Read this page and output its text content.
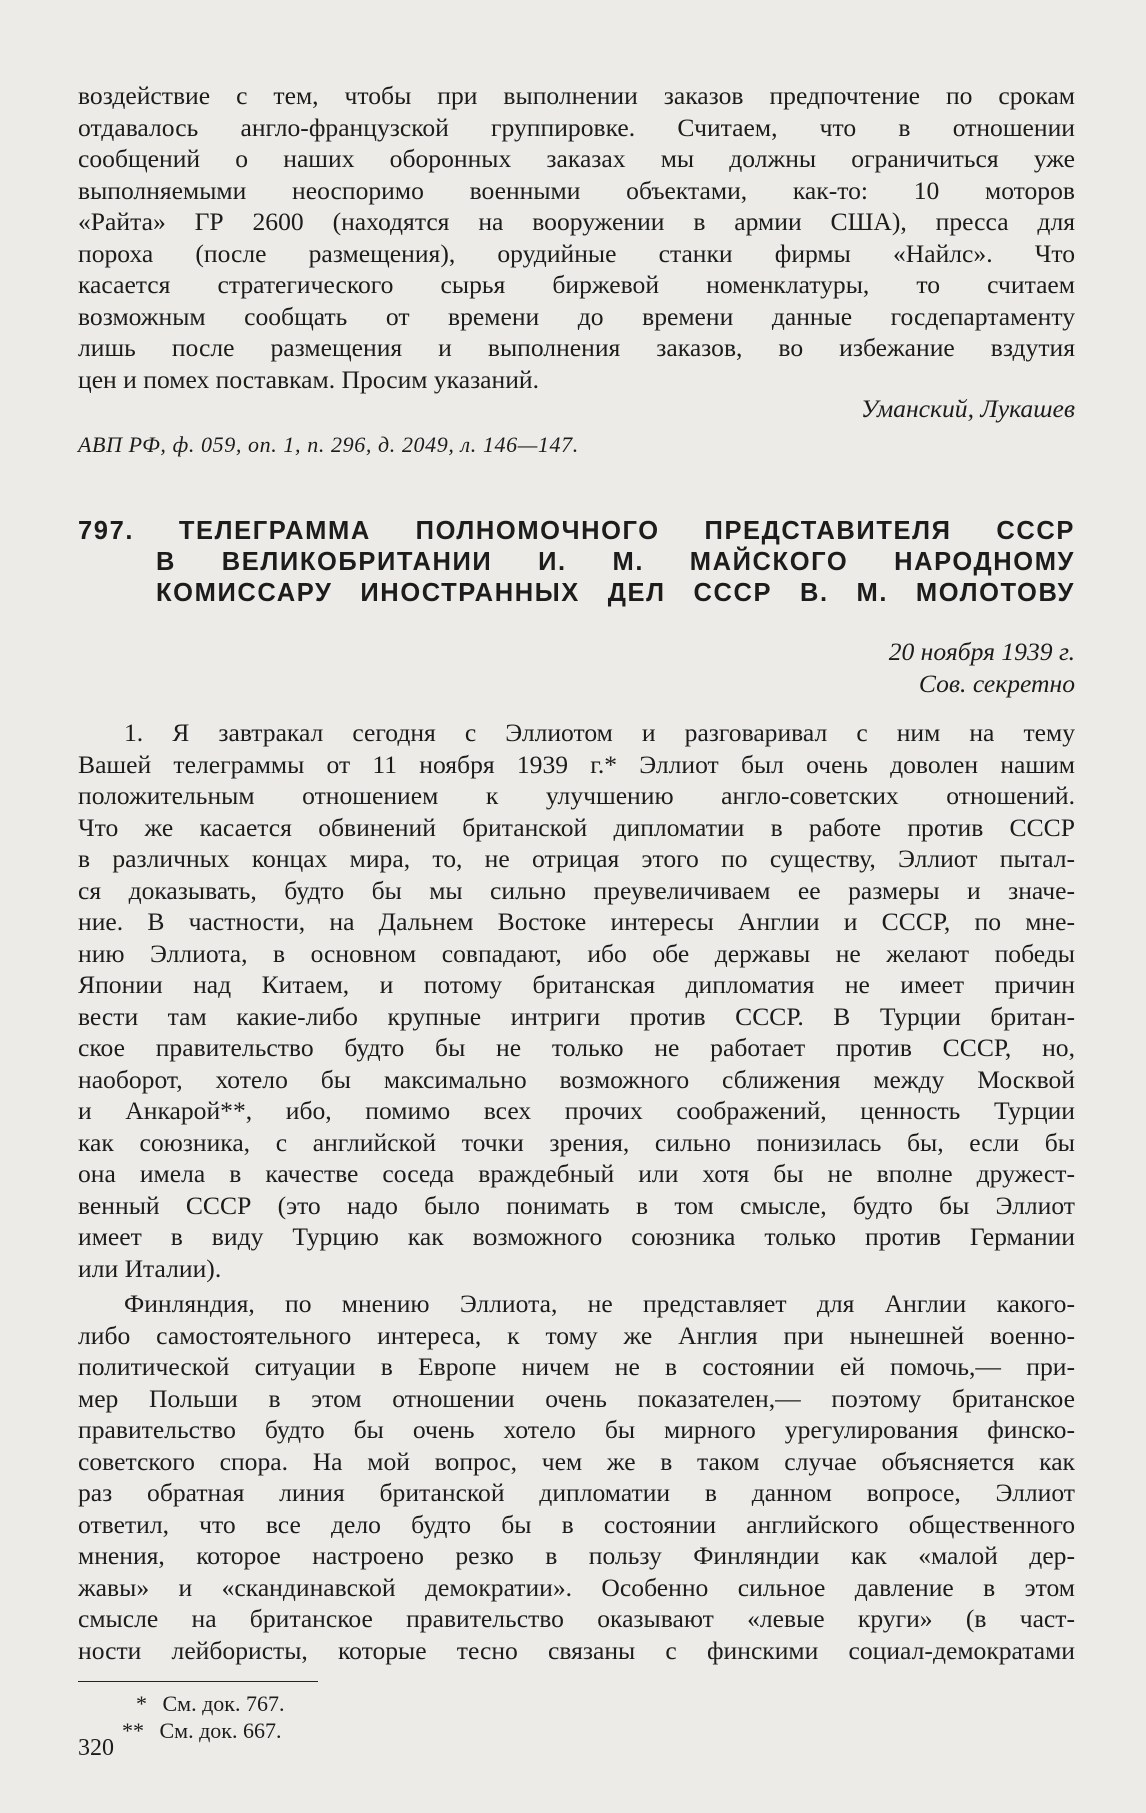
воздействие с тем, чтобы при выполнении заказов предпочтение по срокам
отдавалось англо-французской группировке. Считаем, что в отношении
сообщений о наших оборонных заказах мы должны ограничиться уже
выполняемыми неоспоримо военными объектами, как-то: 10 моторов
«Райта» ГР 2600 (находятся на вооружении в армии США), пресса для
пороха (после размещения), орудийные станки фирмы «Найлс». Что
касается стратегического сырья биржевой номенклатуры, то считаем
возможным сообщать от времени до времени данные госдепартаменту
лишь после размещения и выполнения заказов, во избежание вздутия
цен и помех поставкам. Просим указаний.

Уманский, Лукашев
АВП РФ, ф. 059, оп. 1, п. 296, д. 2049, л. 146—147.
797. ТЕЛЕГРАММА ПОЛНОМОЧНОГО ПРЕДСТАВИТЕЛЯ СССР
В ВЕЛИКОБРИТАНИИ И. М. МАЙСКОГО НАРОДНОМУ
КОМИССАРУ ИНОСТРАННЫХ ДЕЛ СССР В. М. МОЛОТОВУ
20 ноября 1939 г.
Сов. секретно

1. Я завтракал сегодня с Эллиотом и разговаривал с ним на тему
Вашей телеграммы от 11 ноября 1939 г.* Эллиот был очень доволен нашим
положительным отношением к улучшению англо-советских отношений.
Что же касается обвинений британской дипломатии в работе против СССР
в различных концах мира, то, не отрицая этого по существу, Эллиот пытал-
ся доказывать, будто бы мы сильно преувеличиваем ее размеры и значе-
ние. В частности, на Дальнем Востоке интересы Англии и СССР, по мне-
нию Эллиота, в основном совпадают, ибо обе державы не желают победы
Японии над Китаем, и потому британская дипломатия не имеет причин
вести там какие-либо крупные интриги против СССР. В Турции британ-
ское правительство будто бы не только не работает против СССР, но,
наоборот, хотело бы максимально возможного сближения между Москвой
и Анкарой**, ибо, помимо всех прочих соображений, ценность Турции
как союзника, с английской точки зрения, сильно понизилась бы, если бы
она имела в качестве соседа враждебный или хотя бы не вполне дружест-
венный СССР (это надо было понимать в том смысле, будто бы Эллиот
имеет в виду Турцию как возможного союзника только против Германии
или Италии).

Финляндия, по мнению Эллиота, не представляет для Англии какого-
либо самостоятельного интереса, к тому же Англия при нынешней военно-
политической ситуации в Европе ничем не в состоянии ей помочь,— при-
мер Польши в этом отношении очень показателен,— поэтому британское
правительство будто бы очень хотело бы мирного урегулирования финско-
советского спора. На мой вопрос, чем же в таком случае объясняется как
раз обратная линия британской дипломатии в данном вопросе, Эллиот
ответил, что все дело будто бы в состоянии английского общественного
мнения, которое настроено резко в пользу Финляндии как «малой дер-
жавы» и «скандинавской демократии». Особенно сильное давление в этом
смысле на британское правительство оказывают «левые круги» (в част-
ности лейбористы, которые тесно связаны с финскими социал-демократами

* См. док. 767.
** См. док. 667.
320
